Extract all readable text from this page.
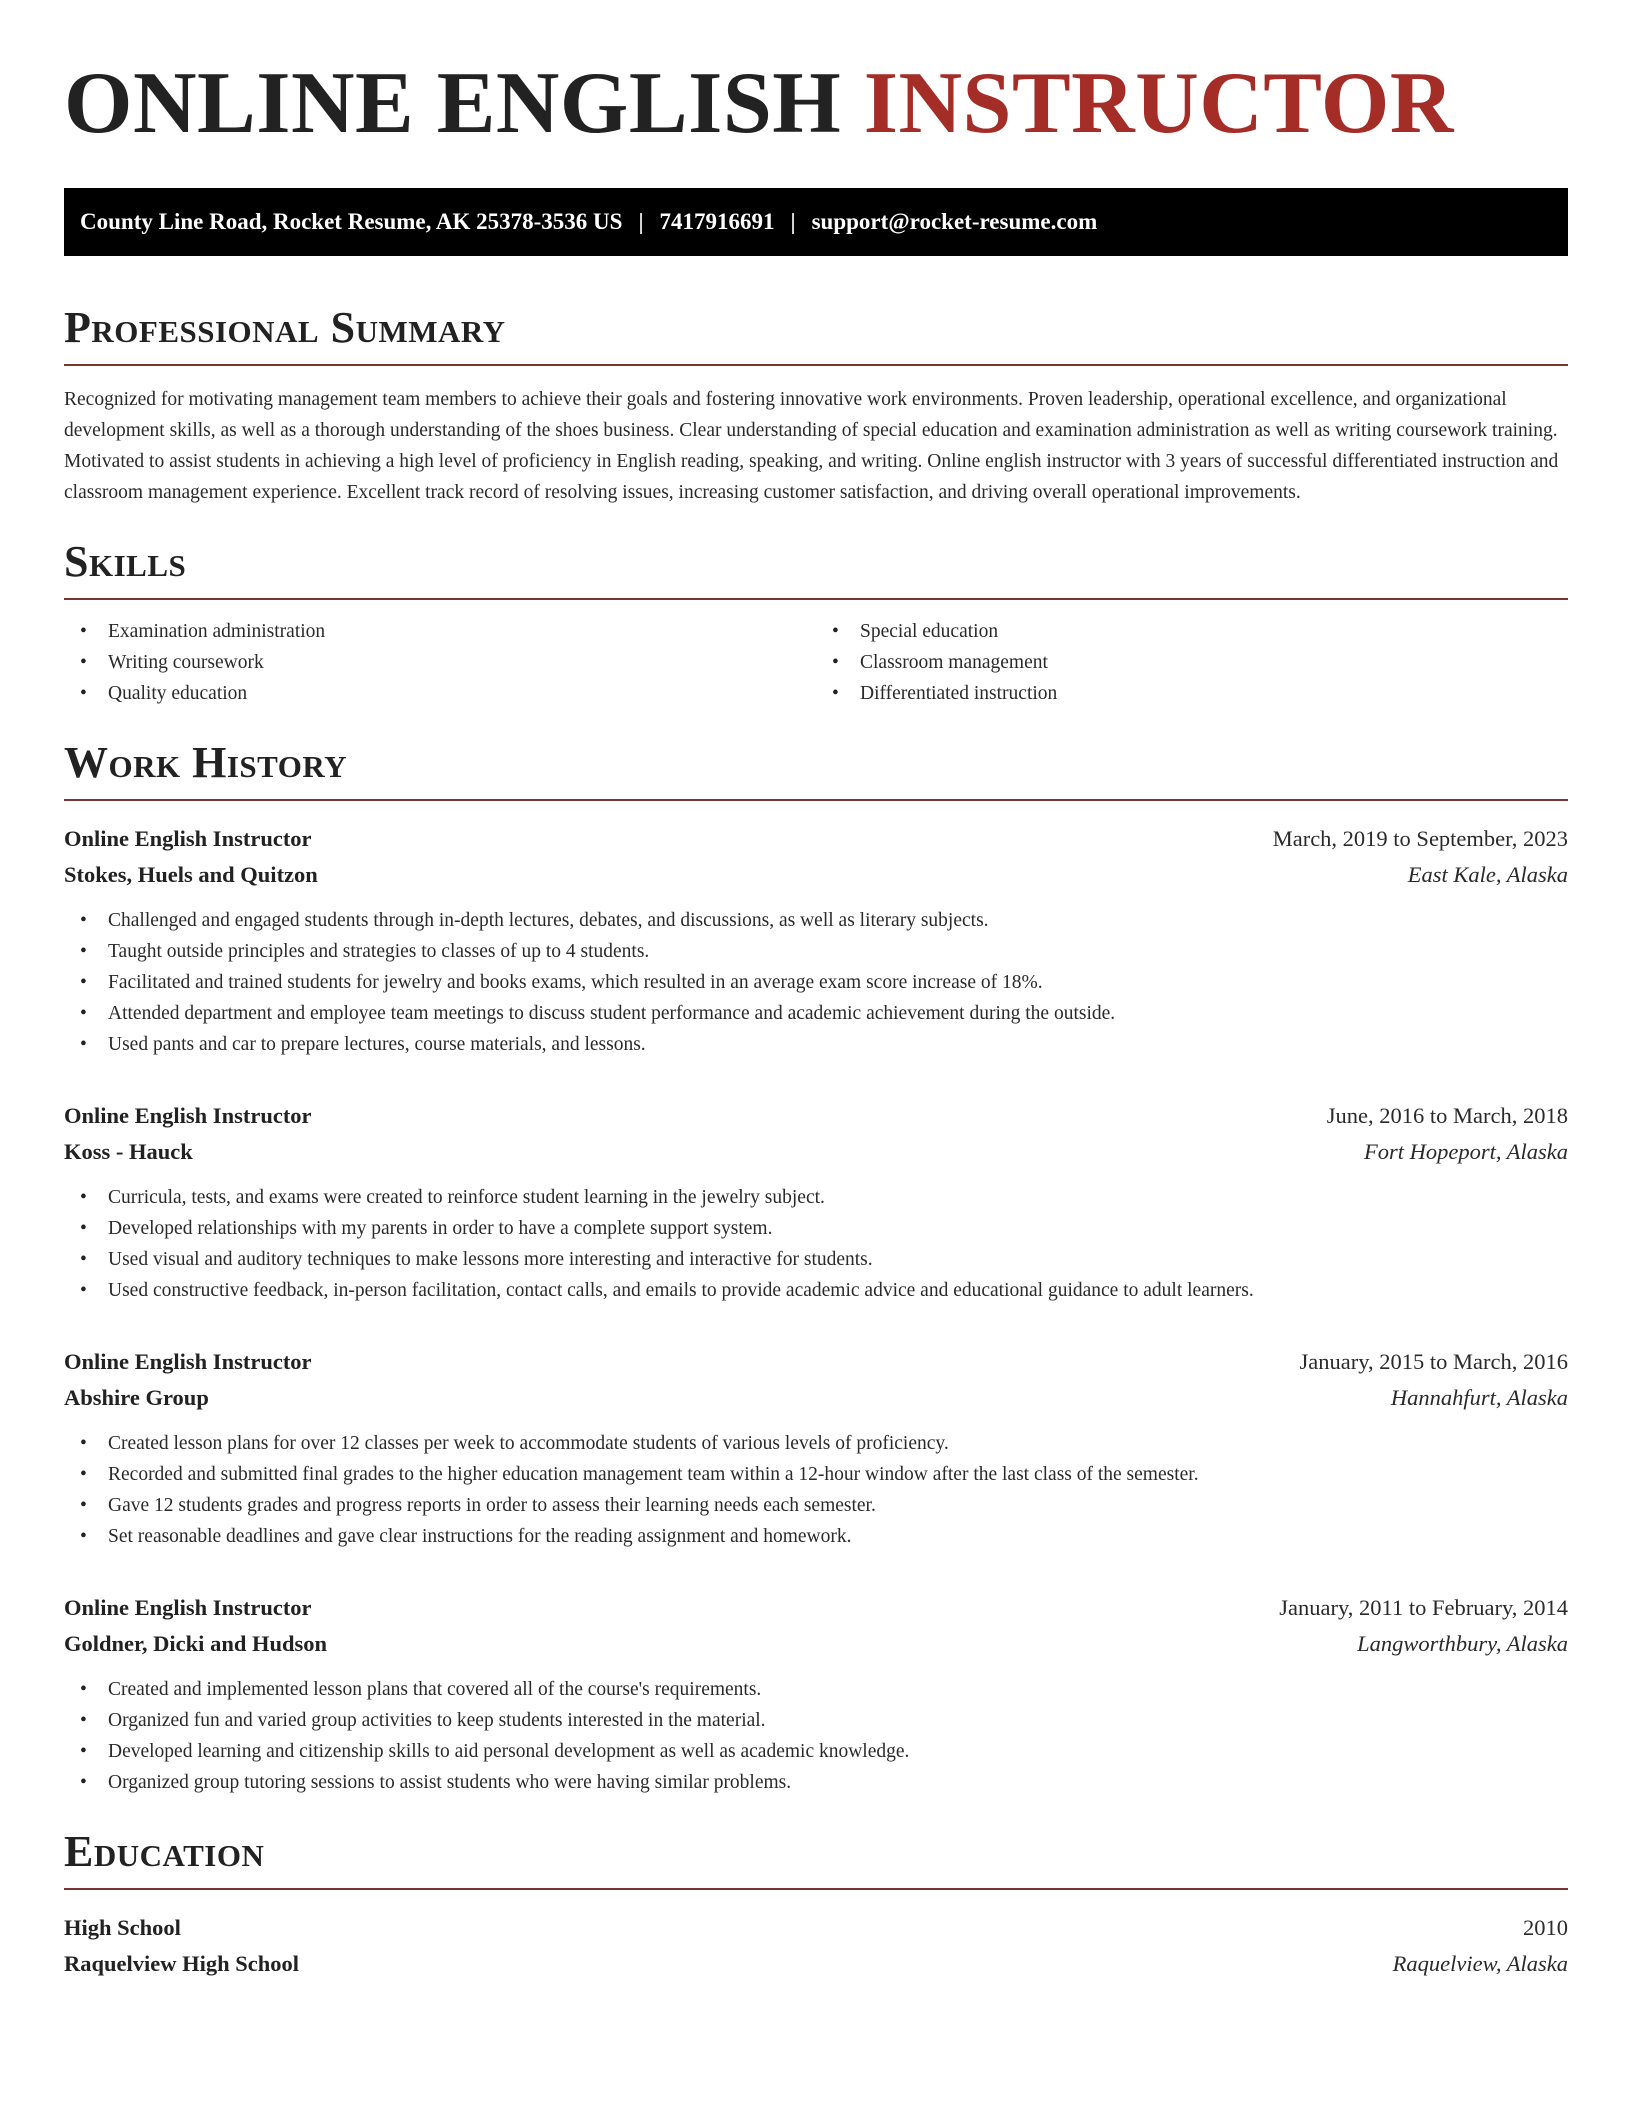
ONLINE ENGLISH INSTRUCTOR
County Line Road, Rocket Resume, AK 25378-3536 US | 7417916691 | support@rocket-resume.com
Professional Summary

Recognized for motivating management team members to achieve their goals and fostering innovative work environments. Proven leadership, operational excellence, and organizational development skills, as well as a thorough understanding of the shoes business. Clear understanding of special education and examination administration as well as writing coursework training. Motivated to assist students in achieving a high level of proficiency in English reading, speaking, and writing. Online english instructor with 3 years of successful differentiated instruction and classroom management experience. Excellent track record of resolving issues, increasing customer satisfaction, and driving overall operational improvements.

Skills
• Examination administration
• Writing coursework
• Quality education
• Special education
• Classroom management
• Differentiated instruction
Work History
Online English Instructor	March, 2019 to September, 2023
Stokes, Huels and Quitzon	East Kale, Alaska
• Challenged and engaged students through in-depth lectures, debates, and discussions, as well as literary subjects.
• Taught outside principles and strategies to classes of up to 4 students.
• Facilitated and trained students for jewelry and books exams, which resulted in an average exam score increase of 18%.
• Attended department and employee team meetings to discuss student performance and academic achievement during the outside.
• Used pants and car to prepare lectures, course materials, and lessons.
Online English Instructor	June, 2016 to March, 2018
Koss - Hauck	Fort Hopeport, Alaska
• Curricula, tests, and exams were created to reinforce student learning in the jewelry subject.
• Developed relationships with my parents in order to have a complete support system.
• Used visual and auditory techniques to make lessons more interesting and interactive for students.
• Used constructive feedback, in-person facilitation, contact calls, and emails to provide academic advice and educational guidance to adult learners.
Online English Instructor	January, 2015 to March, 2016
Abshire Group	Hannahfurt, Alaska
• Created lesson plans for over 12 classes per week to accommodate students of various levels of proficiency.
• Recorded and submitted final grades to the higher education management team within a 12-hour window after the last class of the semester.
• Gave 12 students grades and progress reports in order to assess their learning needs each semester.
• Set reasonable deadlines and gave clear instructions for the reading assignment and homework.
Online English Instructor	January, 2011 to February, 2014
Goldner, Dicki and Hudson	Langworthbury, Alaska
• Created and implemented lesson plans that covered all of the course's requirements.
• Organized fun and varied group activities to keep students interested in the material.
• Developed learning and citizenship skills to aid personal development as well as academic knowledge.
• Organized group tutoring sessions to assist students who were having similar problems.
Education
High School	2010
Raquelview High School	Raquelview, Alaska
